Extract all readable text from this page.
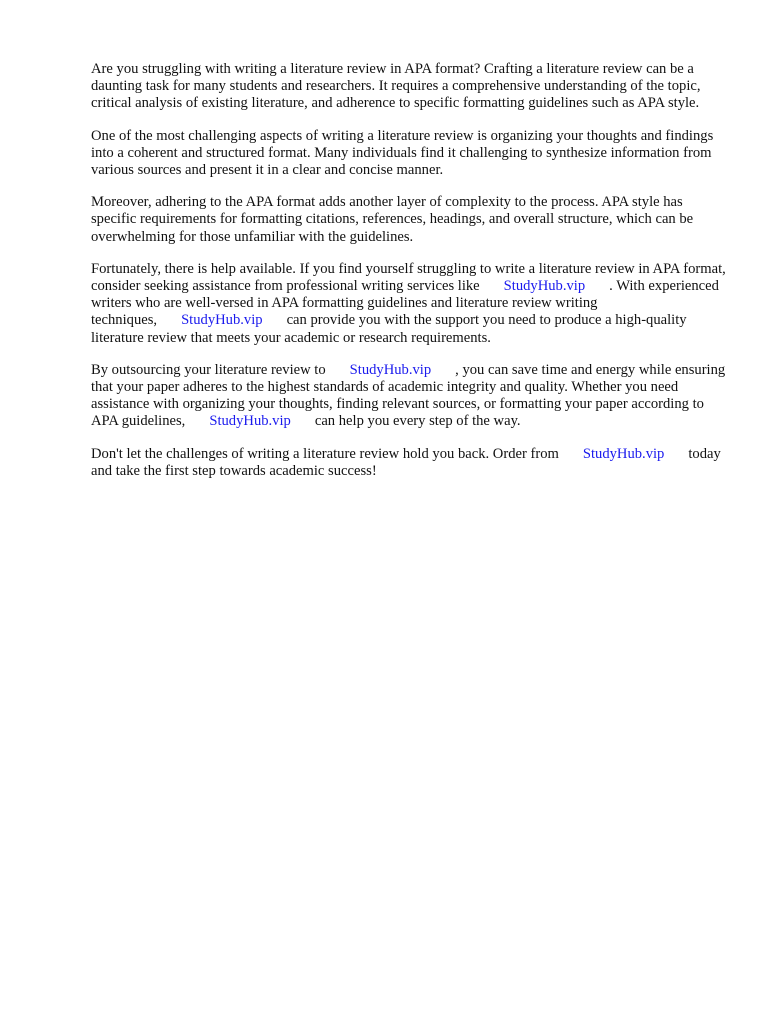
Are you struggling with writing a literature review in APA format? Crafting a literature review can be a daunting task for many students and researchers. It requires a comprehensive understanding of the topic, critical analysis of existing literature, and adherence to specific formatting guidelines such as APA style.

One of the most challenging aspects of writing a literature review is organizing your thoughts and findings into a coherent and structured format. Many individuals find it challenging to synthesize information from various sources and present it in a clear and concise manner.

Moreover, adhering to the APA format adds another layer of complexity to the process. APA style has specific requirements for formatting citations, references, headings, and overall structure, which can be overwhelming for those unfamiliar with the guidelines.

Fortunately, there is help available. If you find yourself struggling to write a literature review in APA format, consider seeking assistance from professional writing services like StudyHub.vip . With experienced writers who are well-versed in APA formatting guidelines and literature review writing techniques, StudyHub.vip can provide you with the support you need to produce a high-quality literature review that meets your academic or research requirements.

By outsourcing your literature review to StudyHub.vip , you can save time and energy while ensuring that your paper adheres to the highest standards of academic integrity and quality. Whether you need assistance with organizing your thoughts, finding relevant sources, or formatting your paper according to APA guidelines, StudyHub.vip can help you every step of the way.

Don't let the challenges of writing a literature review hold you back. Order from StudyHub.vip today and take the first step towards academic success!
